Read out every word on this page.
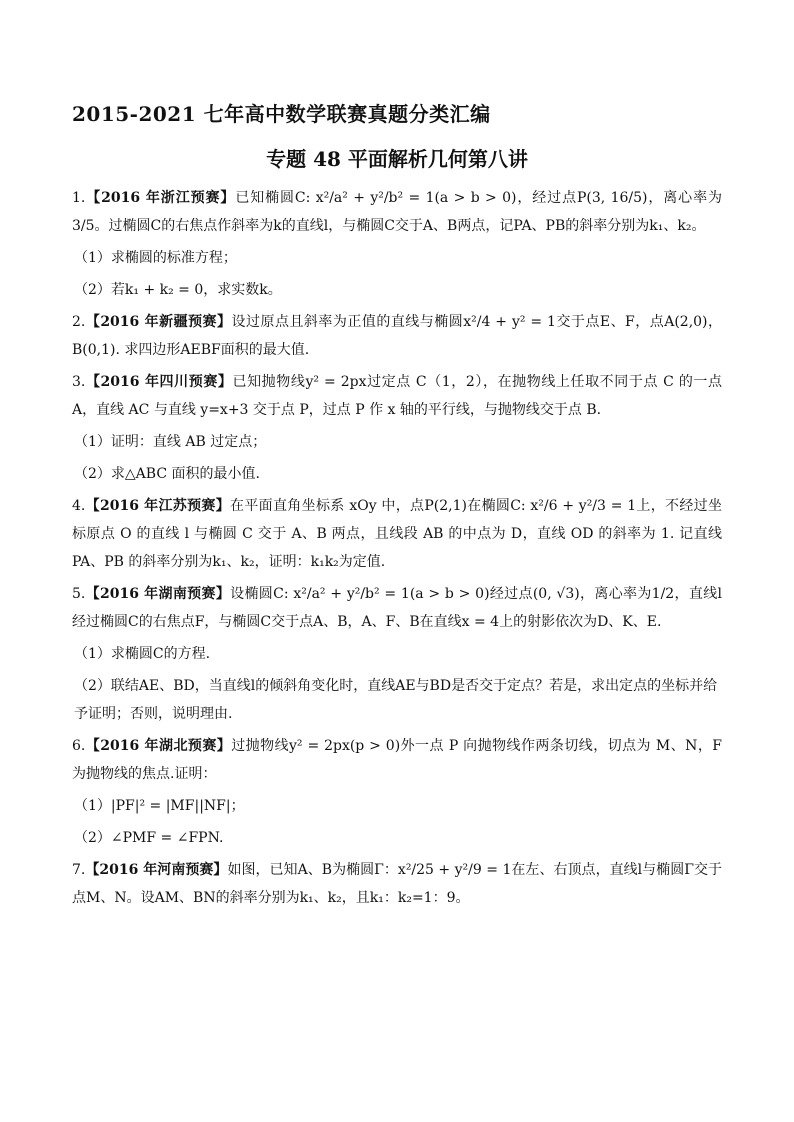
2015-2021 七年高中数学联赛真题分类汇编
专题 48 平面解析几何第八讲
1.【2016 年浙江预赛】已知椭圆C: x²/a² + y²/b² = 1(a > b > 0)，经过点P(3, 16/5)，离心率为3/5。过椭圆C的右焦点作斜率为k的直线l，与椭圆C交于A、B两点，记PA、PB的斜率分别为k₁、k₂。
（1）求椭圆的标准方程；
（2）若k₁ + k₂ = 0，求实数k。
2.【2016 年新疆预赛】设过原点且斜率为正值的直线与椭圆x²/4 + y² = 1交于点E、F，点A(2,0)，B(0,1). 求四边形AEBF面积的最大值.
3.【2016 年四川预赛】已知抛物线y² = 2px过定点 C（1，2），在抛物线上任取不同于点 C 的一点 A，直线 AC 与直线 y=x+3 交于点 P，过点 P 作 x 轴的平行线，与抛物线交于点 B.
（1）证明：直线 AB 过定点；
（2）求△ABC 面积的最小值.
4.【2016 年江苏预赛】在平面直角坐标系 xOy 中，点P(2,1)在椭圆C: x²/6 + y²/3 = 1上，不经过坐标原点 O 的直线 l 与椭圆 C 交于 A、B 两点，且线段 AB 的中点为 D，直线 OD 的斜率为 1. 记直线 PA、PB 的斜率分别为k₁、k₂，证明：k₁k₂为定值.
5.【2016 年湖南预赛】设椭圆C: x²/a² + y²/b² = 1(a > b > 0)经过点(0, √3)，离心率为1/2，直线l经过椭圆C的右焦点F，与椭圆C交于点A、B，A、F、B在直线x = 4上的射影依次为D、K、E.
（1）求椭圆C的方程.
（2）联结AE、BD，当直线l的倾斜角变化时，直线AE与BD是否交于定点？若是，求出定点的坐标并给予证明；否则，说明理由.
6.【2016 年湖北预赛】过抛物线y² = 2px(p > 0)外一点 P 向抛物线作两条切线，切点为 M、N，F 为抛物线的焦点.证明：
（1）|PF|² = |MF||NF|；
（2）∠PMF = ∠FPN.
7.【2016 年河南预赛】如图，已知A、B为椭圆Γ：x²/25 + y²/9 = 1在左、右顶点，直线l与椭圆Γ交于点M、N。设AM、BN的斜率分别为k₁、k₂，且k₁：k₂=1：9。
